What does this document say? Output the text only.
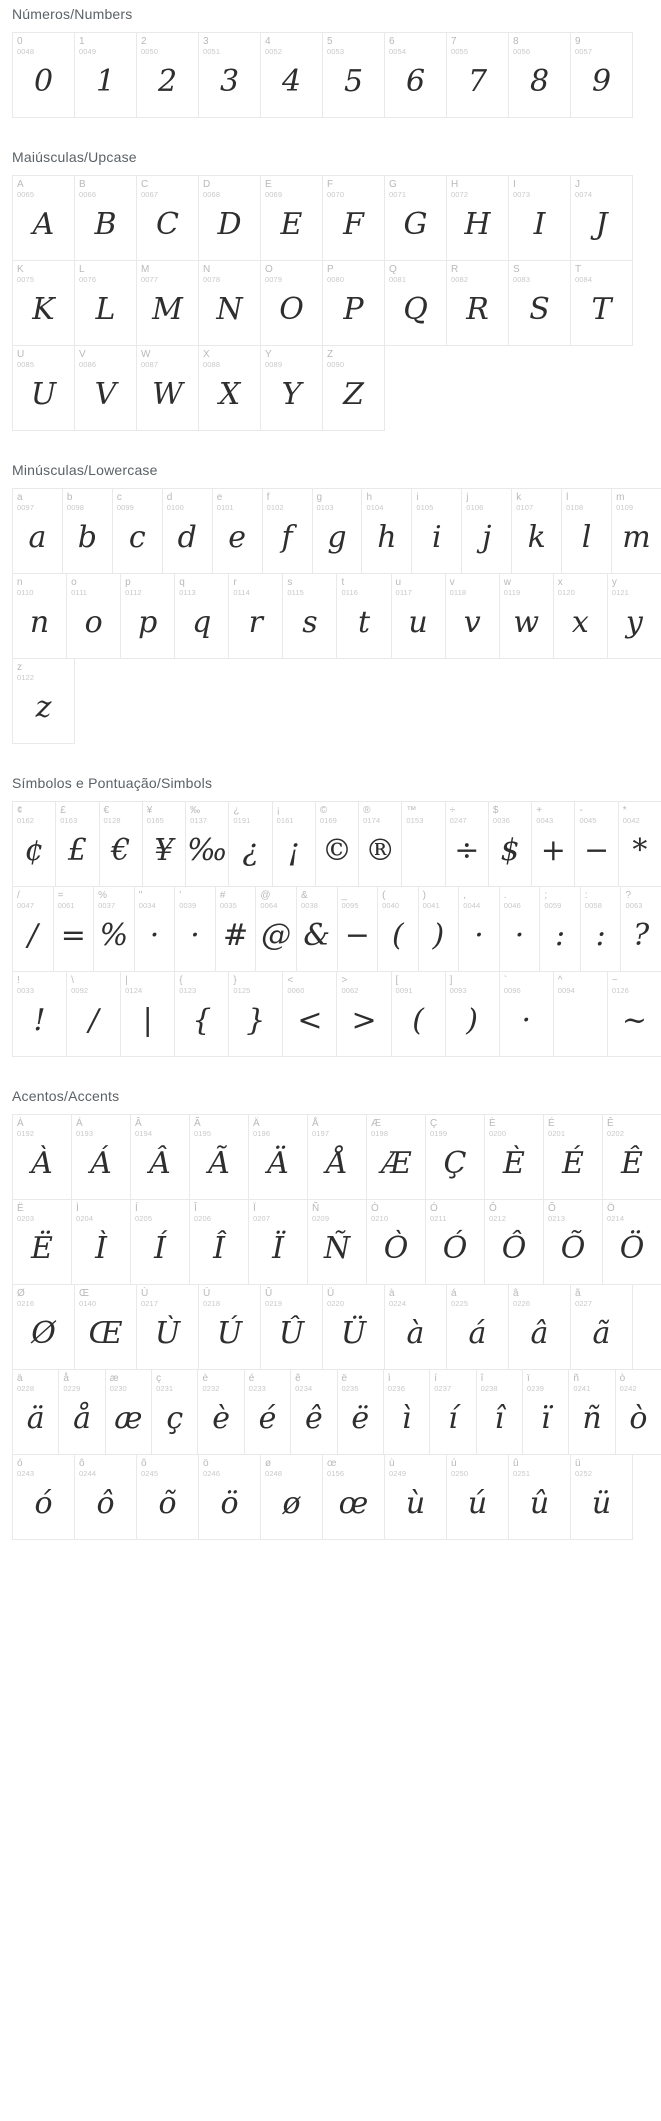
Números/Numbers
0
0048
0
1
0049
1
2
0050
2
3
0051
3
4
0052
4
5
0053
5
6
0054
6
7
0055
7
8
0056
8
9
0057
9
Maiúsculas/Upcase
A
0065
A
B
0066
B
C
0067
C
D
0068
D
E
0069
E
F
0070
F
G
0071
G
H
0072
H
I
0073
I
J
0074
J
K
0075
K
L
0076
L
M
0077
M
N
0078
N
O
0079
O
P
0080
P
Q
0081
Q
R
0082
R
S
0083
S
T
0084
T
U
0085
U
V
0086
V
W
0087
W
X
0088
X
Y
0089
Y
Z
0090
Z
Minúsculas/Lowercase
a
0097
a
b
0098
b
c
0099
c
d
0100
d
e
0101
e
f
0102
f
g
0103
g
h
0104
h
i
0105
i
j
0106
j
k
0107
k
l
0108
l
m
0109
m
n
0110
n
o
0111
o
p
0112
p
q
0113
q
r
0114
r
s
0115
s
t
0116
t
u
0117
u
v
0118
v
w
0119
w
x
0120
x
y
0121
y
z
0122
z
Símbolos e Pontuação/Simbols
¢
0162
¢
£
0163
£
€
0128
€
¥
0165
¥
‰
0137
‰
¿
0191
¿
¡
0161
¡
©
0169
©
®
0174
®
™
0153
÷
0247
÷
$
0036
$
+
0043
+
-
0045
−
*
0042
*
/
0047
/
=
0061
=
%
0037
%
"
0034
·
'
0039
·
#
0035
#
@
0064
@
&
0038
&
_
0095
−
(
0040
(
)
0041
)
,
0044
·
.
0046
·
;
0059
:
:
0058
:
?
0063
?
!
0033
!
\
0092
/
|
0124
|
{
0123
{
}
0125
}
<
0060
<
>
0062
>
[
0091
(
]
0093
)
`
0096
·
^
0094
~
0126
~
Acentos/Accents
À
0192
À
Á
0193
Á
Â
0194
Â
Ã
0195
Ã
Ä
0196
Ä
Å
0197
Å
Æ
0198
Æ
Ç
0199
Ç
È
0200
È
É
0201
É
Ê
0202
Ê
Ë
0203
Ë
Ì
0204
Ì
Í
0205
Í
Î
0206
Î
Ï
0207
Ï
Ñ
0209
Ñ
Ò
0210
Ò
Ó
0211
Ó
Ô
0212
Ô
Õ
0213
Õ
Ö
0214
Ö
Ø
0216
Ø
Œ
0140
Œ
Ù
0217
Ù
Ú
0218
Ú
Û
0219
Û
Ü
0220
Ü
à
0224
à
á
0225
á
â
0226
â
ã
0227
ã
ä
0228
ä
å
0229
å
æ
0230
æ
ç
0231
ç
è
0232
è
é
0233
é
ê
0234
ê
ë
0235
ë
ì
0236
ì
í
0237
í
î
0238
î
ï
0239
ï
ñ
0241
ñ
ò
0242
ò
ó
0243
ó
ô
0244
ô
õ
0245
õ
ö
0246
ö
ø
0248
ø
œ
0156
œ
ù
0249
ù
ú
0250
ú
û
0251
û
ü
0252
ü
